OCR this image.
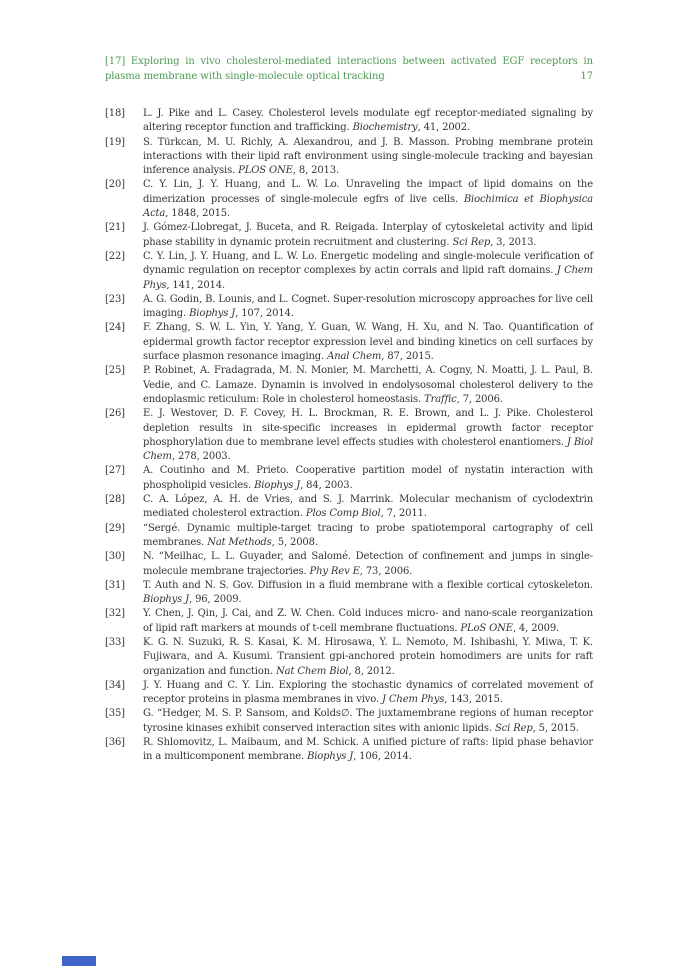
[17] Exploring in vivo cholesterol-mediated interactions between activated EGF receptors in plasma membrane with single-molecule optical tracking	17
[18] L. J. Pike and L. Casey. Cholesterol levels modulate egf receptor-mediated signaling by altering receptor function and trafficking. Biochemistry, 41, 2002.
[19] S. Türkcan, M. U. Richly, A. Alexandrou, and J. B. Masson. Probing membrane protein interactions with their lipid raft environment using single-molecule tracking and bayesian inference analysis. PLOS ONE, 8, 2013.
[20] C. Y. Lin, J. Y. Huang, and L. W. Lo. Unraveling the impact of lipid domains on the dimerization processes of single-molecule egfrs of live cells. Biochimica et Biophysica Acta, 1848, 2015.
[21] J. Gómez-Llobregat, J. Buceta, and R. Reigada. Interplay of cytoskeletal activity and lipid phase stability in dynamic protein recruitment and clustering. Sci Rep, 3, 2013.
[22] C. Y. Lin, J. Y. Huang, and L. W. Lo. Energetic modeling and single-molecule verification of dynamic regulation on receptor complexes by actin corrals and lipid raft domains. J Chem Phys, 141, 2014.
[23] A. G. Godin, B. Lounis, and L. Cognet. Super-resolution microscopy approaches for live cell imaging. Biophys J, 107, 2014.
[24] F. Zhang, S. W. L. Yin, Y. Yang, Y. Guan, W. Wang, H. Xu, and N. Tao. Quantification of epidermal growth factor receptor expression level and binding kinetics on cell surfaces by surface plasmon resonance imaging. Anal Chem, 87, 2015.
[25] P. Robinet, A. Fradagrada, M. N. Monier, M. Marchetti, A. Cogny, N. Moatti, J. L. Paul, B. Vedie, and C. Lamaze. Dynamin is involved in endolysosomal cholesterol delivery to the endoplasmic reticulum: Role in cholesterol homeostasis. Traffic, 7, 2006.
[26] E. J. Westover, D. F. Covey, H. L. Brockman, R. E. Brown, and L. J. Pike. Cholesterol depletion results in site-specific increases in epidermal growth factor receptor phosphorylation due to membrane level effects studies with cholesterol enantiomers. J Biol Chem, 278, 2003.
[27] A. Coutinho and M. Prieto. Cooperative partition model of nystatin interaction with phospholipid vesicles. Biophys J, 84, 2003.
[28] C. A. López, A. H. de Vries, and S. J. Marrink. Molecular mechanism of cyclodextrin mediated cholesterol extraction. Plos Comp Biol, 7, 2011.
[29] “Sergé. Dynamic multiple-target tracing to probe spatiotemporal cartography of cell membranes. Nat Methods, 5, 2008.
[30] N. “Meilhac, L. L. Guyader, and Salomé. Detection of confinement and jumps in single-molecule membrane trajectories. Phy Rev E, 73, 2006.
[31] T. Auth and N. S. Gov. Diffusion in a fluid membrane with a flexible cortical cytoskeleton. Biophys J, 96, 2009.
[32] Y. Chen, J. Qin, J. Cai, and Z. W. Chen. Cold induces micro- and nano-scale reorganization of lipid raft markers at mounds of t-cell membrane fluctuations. PLoS ONE, 4, 2009.
[33] K. G. N. Suzuki, R. S. Kasai, K. M. Hirosawa, Y. L. Nemoto, M. Ishibashi, Y. Miwa, T. K. Fujiwara, and A. Kusumi. Transient gpi-anchored protein homodimers are units for raft organization and function. Nat Chem Biol, 8, 2012.
[34] J. Y. Huang and C. Y. Lin. Exploring the stochastic dynamics of correlated movement of receptor proteins in plasma membranes in vivo. J Chem Phys, 143, 2015.
[35] G. “Hedger, M. S. P. Sansom, and Kolds∅. The juxtamembrane regions of human receptor tyrosine kinases exhibit conserved interaction sites with anionic lipids. Sci Rep, 5, 2015.
[36] R. Shlomovitz, L. Maibaum, and M. Schick. A unified picture of rafts: lipid phase behavior in a multicomponent membrane. Biophys J, 106, 2014.
